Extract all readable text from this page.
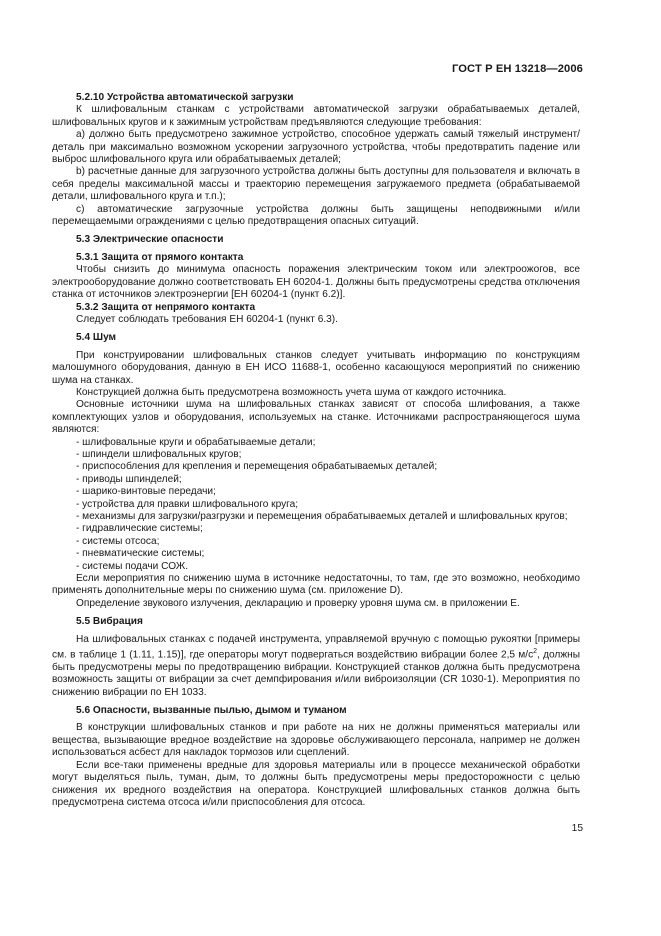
ГОСТ Р ЕН 13218—2006

5.2.10 Устройства автоматической загрузки

К шлифовальным станкам с устройствами автоматической загрузки обрабатываемых деталей, шлифовальных кругов и к зажимным устройствам предъявляются следующие требования:

а) должно быть предусмотрено зажимное устройство, способное удержать самый тяжелый инструмент/деталь при максимально возможном ускорении загрузочного устройства, чтобы предотвратить падение или выброс шлифовального круга или обрабатываемых деталей;

b) расчетные данные для загрузочного устройства должны быть доступны для пользователя и включать в себя пределы максимальной массы и траекторию перемещения загружаемого предмета (обрабатываемой детали, шлифовального круга и т.п.);

с) автоматические загрузочные устройства должны быть защищены неподвижными и/или перемещаемыми ограждениями с целью предотвращения опасных ситуаций.

5.3 Электрические опасности

5.3.1 Защита от прямого контакта

Чтобы снизить до минимума опасность поражения электрическим током или электроожогов, все электрооборудование должно соответствовать ЕН 60204-1. Должны быть предусмотрены средства отключения станка от источников электроэнергии [ЕН 60204-1 (пункт 6.2)].

5.3.2 Защита от непрямого контакта

Следует соблюдать требования ЕН 60204-1 (пункт 6.3).

5.4 Шум

При конструировании шлифовальных станков следует учитывать информацию по конструкциям малошумного оборудования, данную в ЕН ИСО 11688-1, особенно касающуюся мероприятий по снижению шума на станках.

Конструкцией должна быть предусмотрена возможность учета шума от каждого источника.

Основные источники шума на шлифовальных станках зависят от способа шлифования, а также комплектующих узлов и оборудования, используемых на станке. Источниками распространяющегося шума являются:

- шлифовальные круги и обрабатываемые детали;

- шпиндели шлифовальных кругов;

- приспособления для крепления и перемещения обрабатываемых деталей;

- приводы шпинделей;

- шарико-винтовые передачи;

- устройства для правки шлифовального круга;

- механизмы для загрузки/разгрузки и перемещения обрабатываемых деталей и шлифовальных кругов;

- гидравлические системы;

- системы отсоса;

- пневматические системы;

- системы подачи СОЖ.

Если мероприятия по снижению шума в источнике недостаточны, то там, где это возможно, необходимо применять дополнительные меры по снижению шума (см. приложение D).

Определение звукового излучения, декларацию и проверку уровня шума см. в приложении Е.

5.5 Вибрация

На шлифовальных станках с подачей инструмента, управляемой вручную с помощью рукоятки [примеры см. в таблице 1 (1.11, 1.15)], где операторы могут подвергаться воздействию вибрации более 2,5 $м/с^2$, должны быть предусмотрены меры по предотвращению вибрации. Конструкцией станков должна быть предусмотрена возможность защиты от вибрации за счет демпфирования и/или виброизоляции (CR 1030-1). Мероприятия по снижению вибрации по ЕН 1033.

5.6 Опасности, вызванные пылью, дымом и туманом

В конструкции шлифовальных станков и при работе на них не должны применяться материалы или вещества, вызывающие вредное воздействие на здоровье обслуживающего персонала, например не должен использоваться асбест для накладок тормозов или сцеплений.

Если все-таки применены вредные для здоровья материалы или в процессе механической обработки могут выделяться пыль, туман, дым, то должны быть предусмотрены меры предосторожности с целью снижения их вредного воздействия на оператора. Конструкцией шлифовальных станков должна быть предусмотрена система отсоса и/или приспособления для отсоса.

15
